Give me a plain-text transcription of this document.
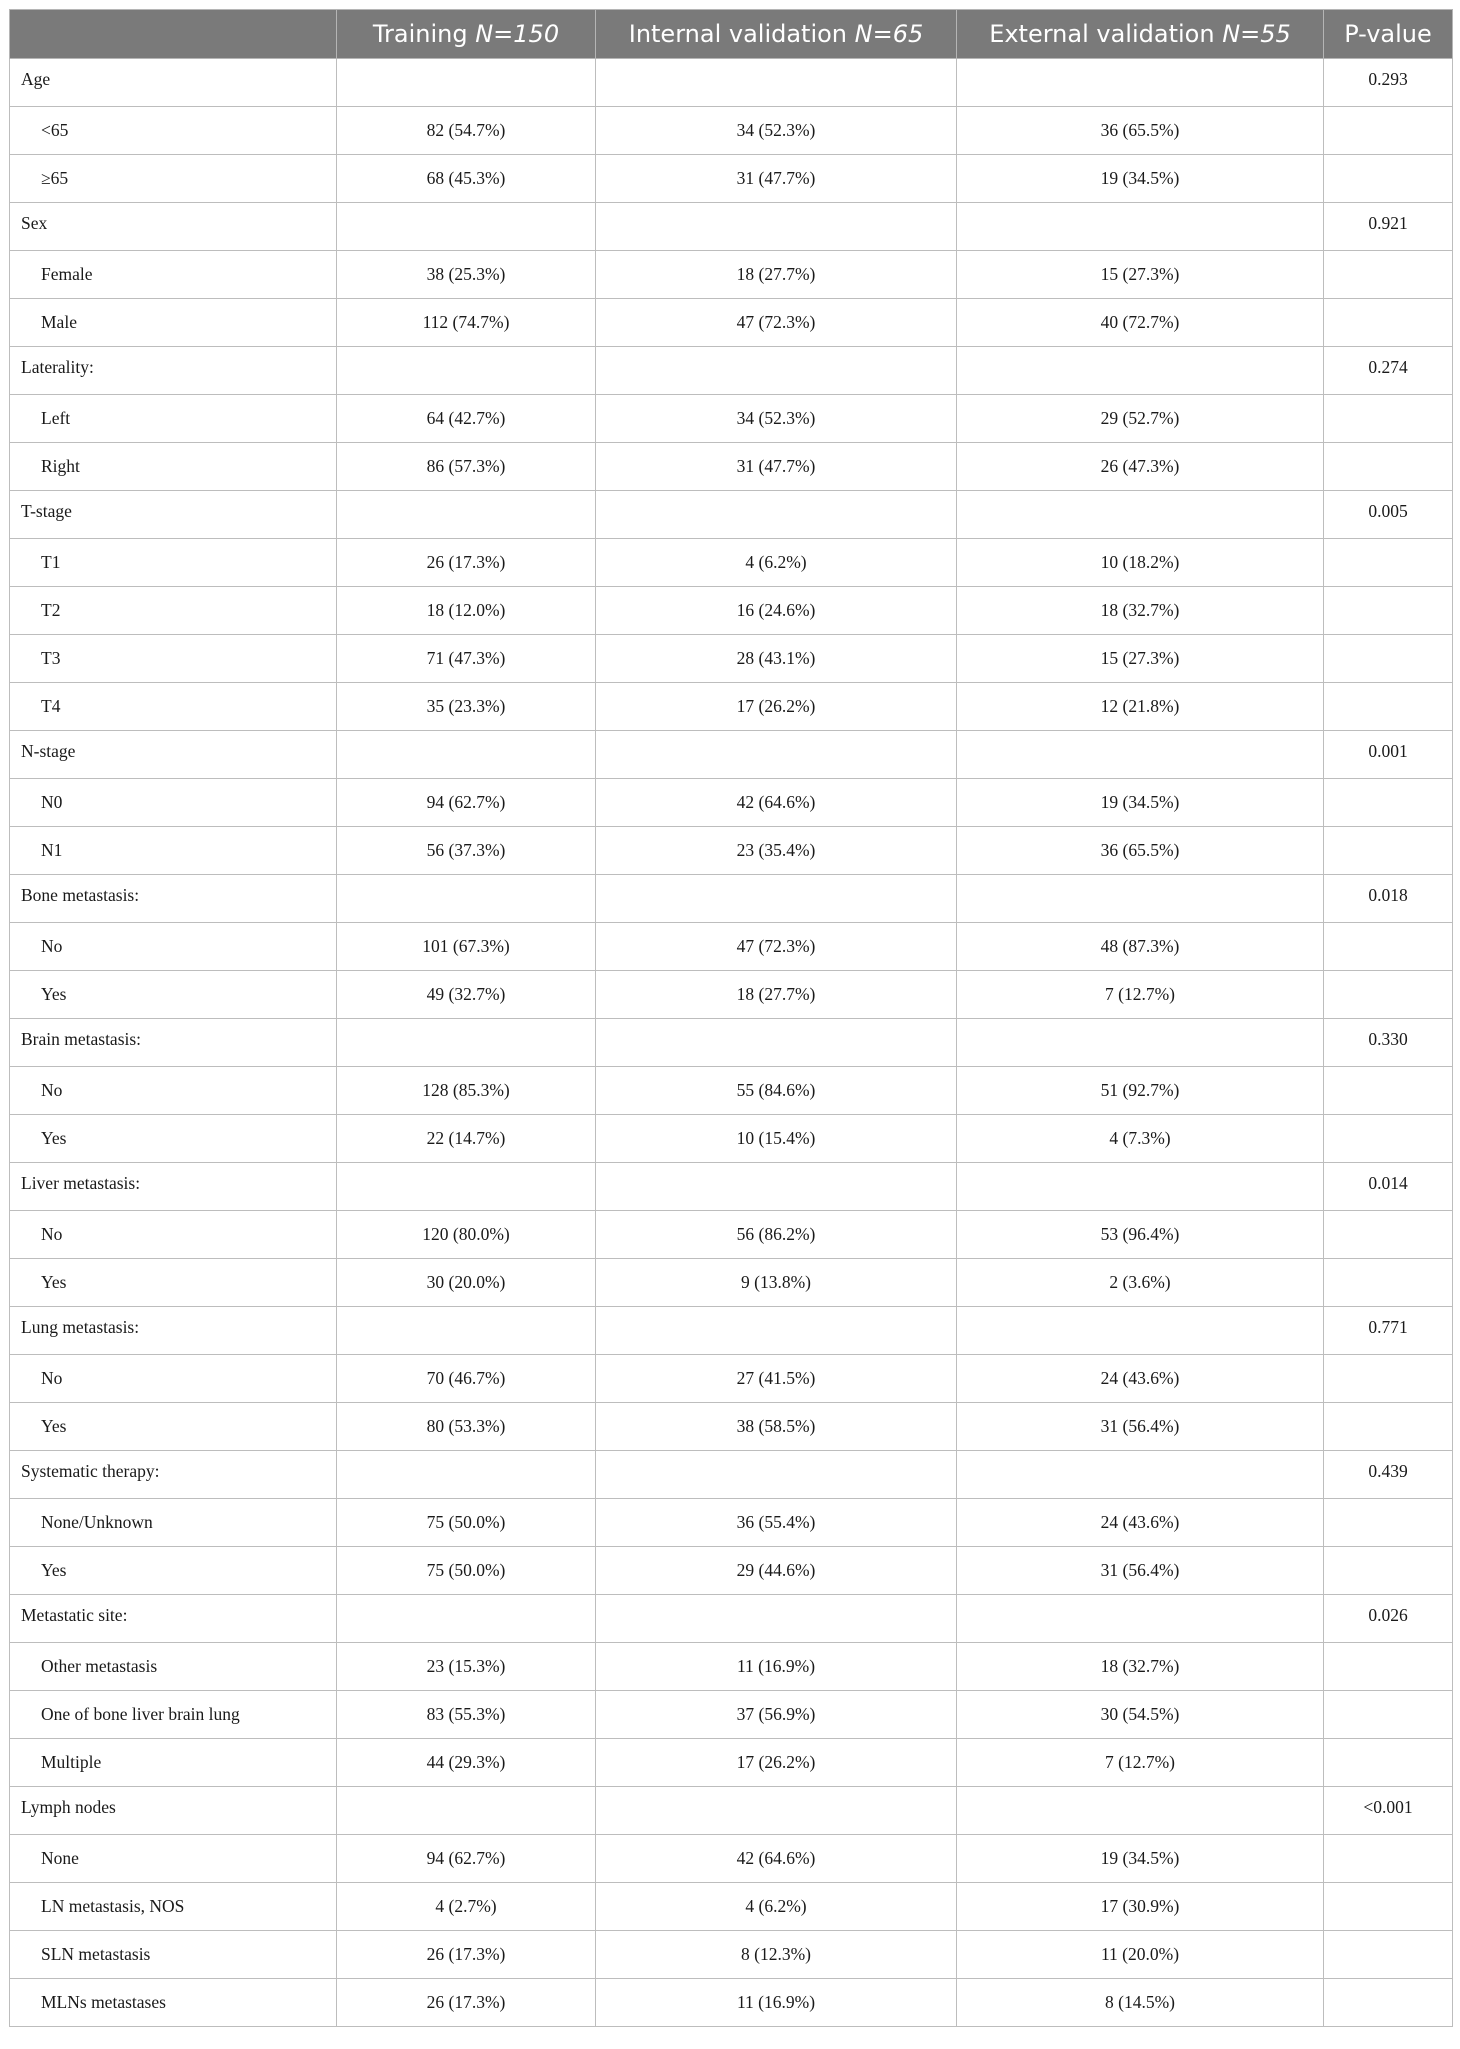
	Training N=150	Internal validation N=65	External validation N=55	P-value
Age				0.293
<65	82 (54.7%)	34 (52.3%)	36 (65.5%)	
≥65	68 (45.3%)	31 (47.7%)	19 (34.5%)	
Sex				0.921
Female	38 (25.3%)	18 (27.7%)	15 (27.3%)	
Male	112 (74.7%)	47 (72.3%)	40 (72.7%)	
Laterality:				0.274
Left	64 (42.7%)	34 (52.3%)	29 (52.7%)	
Right	86 (57.3%)	31 (47.7%)	26 (47.3%)	
T-stage				0.005
T1	26 (17.3%)	4 (6.2%)	10 (18.2%)	
T2	18 (12.0%)	16 (24.6%)	18 (32.7%)	
T3	71 (47.3%)	28 (43.1%)	15 (27.3%)	
T4	35 (23.3%)	17 (26.2%)	12 (21.8%)	
N-stage				0.001
N0	94 (62.7%)	42 (64.6%)	19 (34.5%)	
N1	56 (37.3%)	23 (35.4%)	36 (65.5%)	
Bone metastasis:				0.018
No	101 (67.3%)	47 (72.3%)	48 (87.3%)	
Yes	49 (32.7%)	18 (27.7%)	7 (12.7%)	
Brain metastasis:				0.330
No	128 (85.3%)	55 (84.6%)	51 (92.7%)	
Yes	22 (14.7%)	10 (15.4%)	4 (7.3%)	
Liver metastasis:				0.014
No	120 (80.0%)	56 (86.2%)	53 (96.4%)	
Yes	30 (20.0%)	9 (13.8%)	2 (3.6%)	
Lung metastasis:				0.771
No	70 (46.7%)	27 (41.5%)	24 (43.6%)	
Yes	80 (53.3%)	38 (58.5%)	31 (56.4%)	
Systematic therapy:				0.439
None/Unknown	75 (50.0%)	36 (55.4%)	24 (43.6%)	
Yes	75 (50.0%)	29 (44.6%)	31 (56.4%)	
Metastatic site:				0.026
Other metastasis	23 (15.3%)	11 (16.9%)	18 (32.7%)	
One of bone liver brain lung	83 (55.3%)	37 (56.9%)	30 (54.5%)	
Multiple	44 (29.3%)	17 (26.2%)	7 (12.7%)	
Lymph nodes				<0.001
None	94 (62.7%)	42 (64.6%)	19 (34.5%)	
LN metastasis, NOS	4 (2.7%)	4 (6.2%)	17 (30.9%)	
SLN metastasis	26 (17.3%)	8 (12.3%)	11 (20.0%)	
MLNs metastases	26 (17.3%)	11 (16.9%)	8 (14.5%)	
